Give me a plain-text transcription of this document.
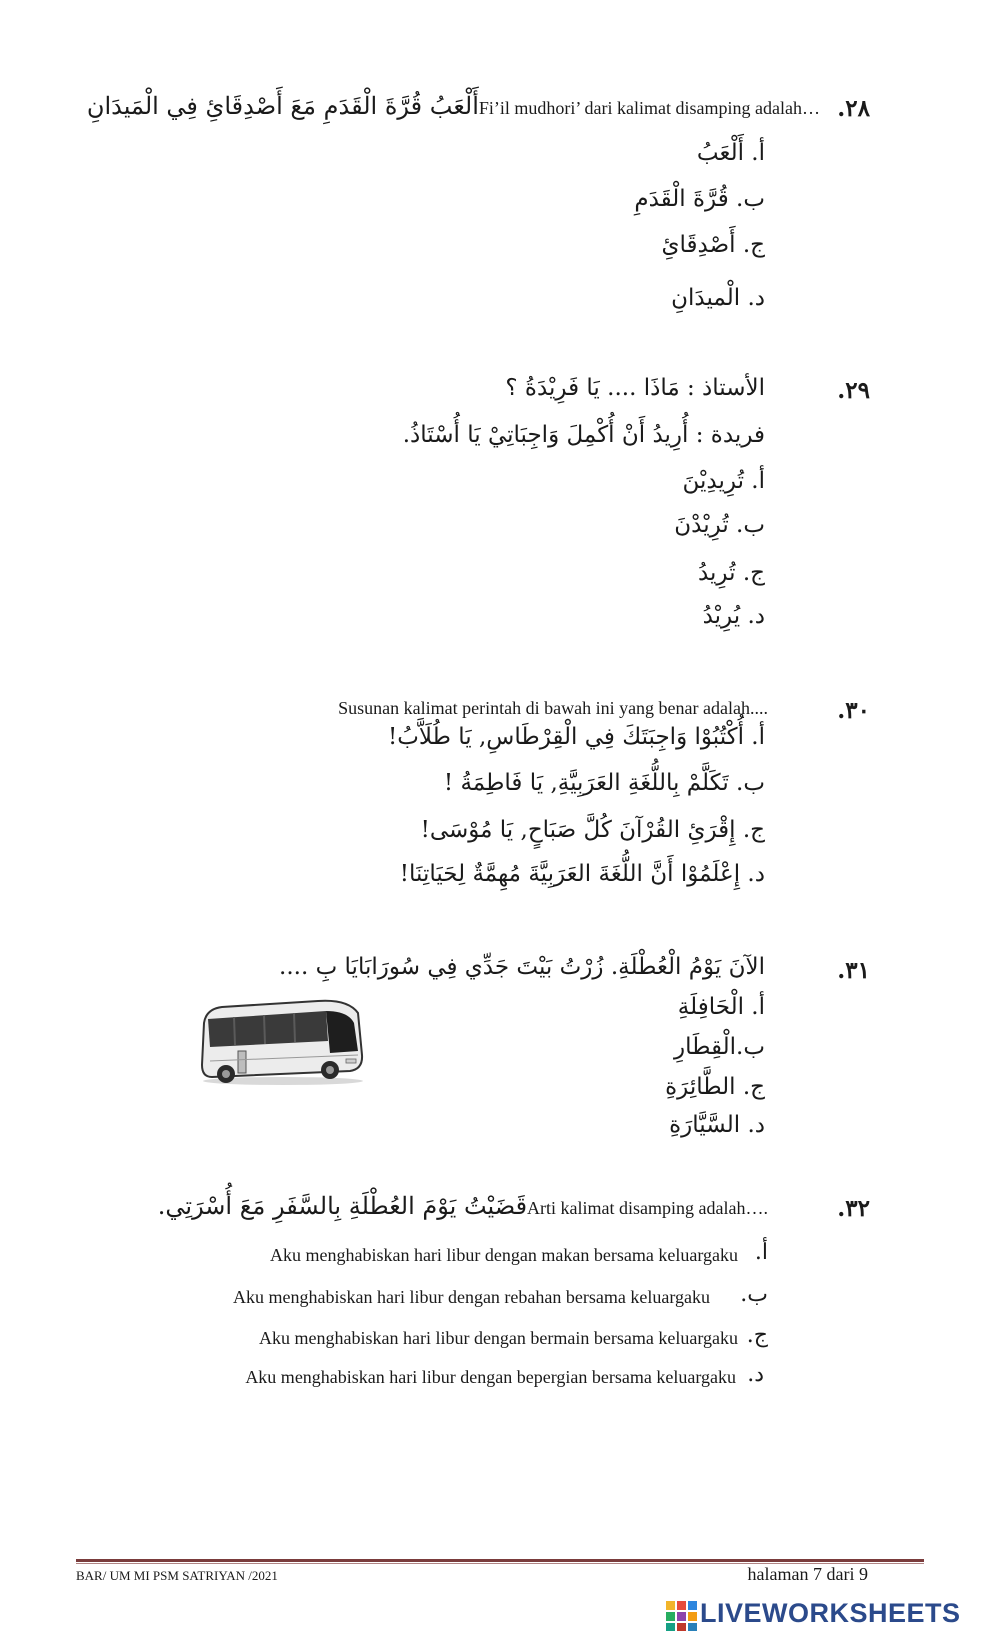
٢٨.
أَلْعَبُ قُرَّةَ الْقَدَمِ مَعَ أَصْدِقَائِ فِي الْمَيدَانِFi’il mudhori’ dari kalimat disamping adalah…
أ. أَلْعَبُ
ب. قُرَّةَ الْقَدَمِ
ج. أَصْدِقَائِ
د. الْميدَانِ
٢٩.
الأستاذ : مَاذَا .... يَا فَرِيْدَةُ ؟
فريدة : أُرِيدُ أَنْ أُكْمِلَ وَاجِبَاتِيْ يَا أُسْتَاذُ.
أ. تُرِيدِيْنَ
ب. تُرِيْدْنَ
ج. تُرِيدُ
د. يُرِيْدُ
٣٠.
Susunan kalimat perintah di bawah ini yang benar adalah....
أ. أُكْتُبُوْا وَاجِبَتَكَ فِي الْقِرْطَاسِ, يَا طُلَاَّبُ!
ب. تَكَلَّمْ بِاللُّغَةِ العَرَبِيَّةِ, يَا فَاطِمَةُ !
ج. إِقْرَئِ القُرْآنَ كُلَّ صَبَاحٍ, يَا مُوْسَى!
د. إِعْلَمُوْا أَنَّ اللُّغَةَ العَرَبِيَّةَ مُهِمَّةٌ لِحَيَاتِنَا!
٣١.
الآنَ يَوْمُ الْعُطْلَةِ. زُرْتُ بَيْتَ جَدِّي فِي سُورَابَايَا بِ ....
أ. الْحَافِلَةِ
ب.الْقِطَارِ
ج. الطَّائِرَةِ
د. السَّيَّارَةِ
٣٢.
قَضَيْتُ يَوْمَ العُطْلَةِ بِالسَّفَرِ مَعَ أُسْرَتِي.Arti kalimat disamping adalah….
Aku menghabiskan hari libur dengan makan bersama keluargaku أ.
Aku menghabiskan hari libur dengan rebahan bersama keluargaku ب.
Aku menghabiskan hari libur dengan bermain bersama keluargaku ج.
Aku menghabiskan hari libur dengan bepergian bersama keluargaku د.
BAR/ UM MI PSM SATRIYAN /2021	halaman 7 dari 9
LIVEWORKSHEETS
